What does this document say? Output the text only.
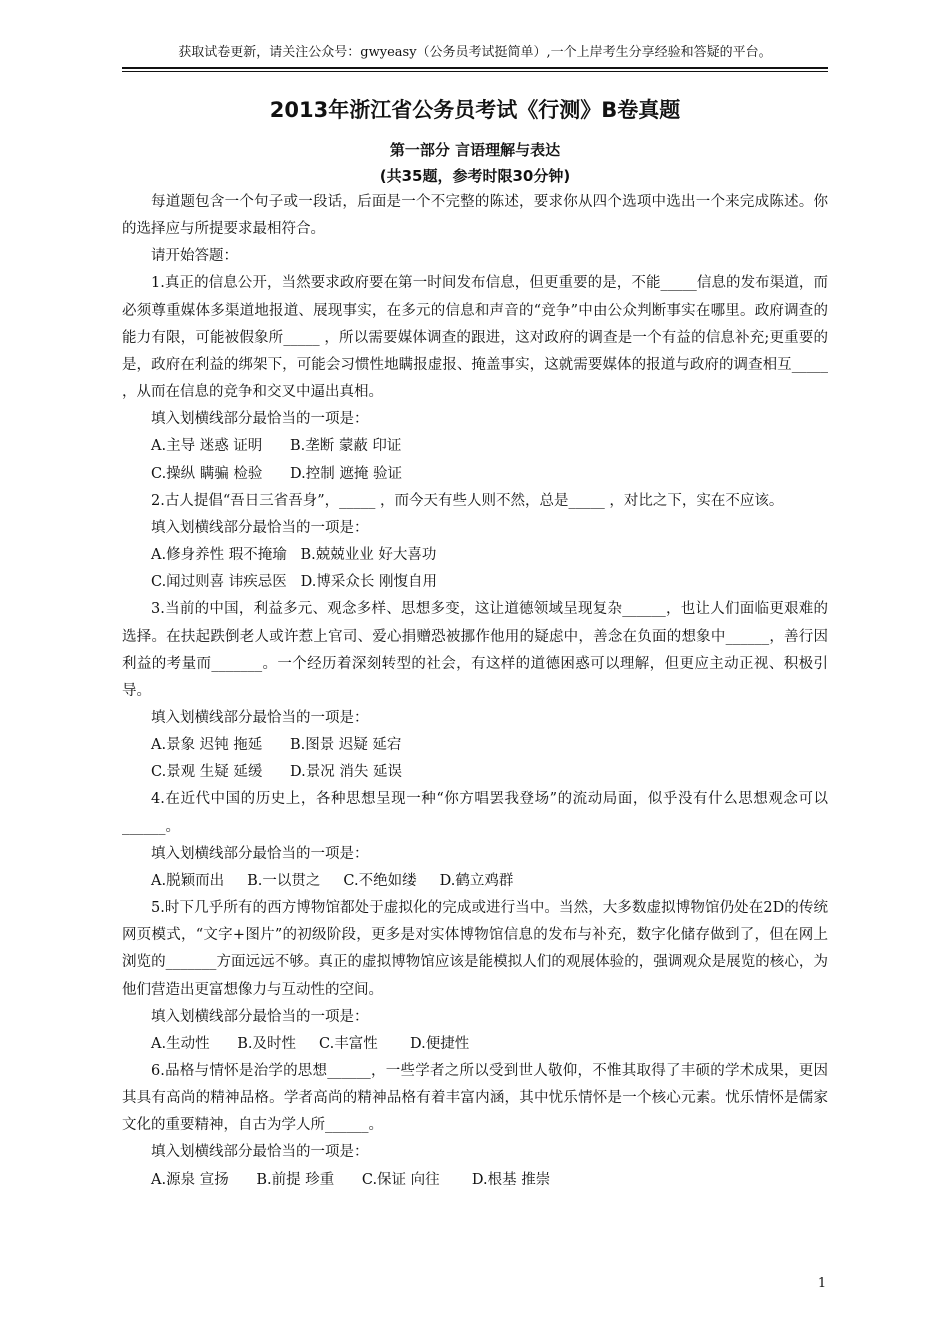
获取试卷更新，请关注公众号：gwyeasy（公务员考试挺简单）,一个上岸考生分享经验和答疑的平台。
2013年浙江省公务员考试《行测》B卷真题
第一部分 言语理解与表达
(共35题，参考时限30分钟)

每道题包含一个句子或一段话，后面是一个不完整的陈述，要求你从四个选项中选出一个来完成陈述。你的选择应与所提要求最相符合。

请开始答题：

1.真正的信息公开，当然要求政府要在第一时间发布信息，但更重要的是，不能_____信息的发布渠道，而必须尊重媒体多渠道地报道、展现事实，在多元的信息和声音的“竞争”中由公众判断事实在哪里。政府调查的能力有限，可能被假象所_____ ，所以需要媒体调查的跟进，这对政府的调查是一个有益的信息补充;更重要的是，政府在利益的绑架下，可能会习惯性地瞒报虚报、掩盖事实，这就需要媒体的报道与政府的调查相互_____ ，从而在信息的竞争和交叉中逼出真相。

填入划横线部分最恰当的一项是：

A.主导 迷惑 证明      B.垄断 蒙蔽 印证

C.操纵 瞒骗 检验      D.控制 遮掩 验证

2.古人提倡“吾日三省吾身”，_____ ，而今天有些人则不然，总是_____ ，对比之下，实在不应该。

填入划横线部分最恰当的一项是：

A.修身养性 瑕不掩瑜   B.兢兢业业 好大喜功

C.闻过则喜 讳疾忌医   D.博采众长 刚愎自用

3.当前的中国，利益多元、观念多样、思想多变，这让道德领域呈现复杂______，也让人们面临更艰难的选择。在扶起跌倒老人或许惹上官司、爱心捐赠恐被挪作他用的疑虑中，善念在负面的想象中______，善行因利益的考量而_______。一个经历着深刻转型的社会，有这样的道德困惑可以理解，但更应主动正视、积极引导。

填入划横线部分最恰当的一项是：

A.景象 迟钝 拖延      B.图景 迟疑 延宕

C.景观 生疑 延缓      D.景况 消失 延误

4.在近代中国的历史上，各种思想呈现一种“你方唱罢我登场”的流动局面，似乎没有什么思想观念可以______。

填入划横线部分最恰当的一项是：

A.脱颖而出     B.一以贯之     C.不绝如缕     D.鹤立鸡群

5.时下几乎所有的西方博物馆都处于虚拟化的完成或进行当中。当然，大多数虚拟博物馆仍处在2D的传统网页模式，“文字+图片”的初级阶段，更多是对实体博物馆信息的发布与补充，数字化储存做到了，但在网上浏览的_______方面远远不够。真正的虚拟博物馆应该是能模拟人们的观展体验的，强调观众是展览的核心，为他们营造出更富想像力与互动性的空间。

填入划横线部分最恰当的一项是：

A.生动性      B.及时性     C.丰富性       D.便捷性

6.品格与情怀是治学的思想______，一些学者之所以受到世人敬仰，不惟其取得了丰硕的学术成果，更因其具有高尚的精神品格。学者高尚的精神品格有着丰富内涵，其中忧乐情怀是一个核心元素。忧乐情怀是儒家文化的重要精神，自古为学人所______。

填入划横线部分最恰当的一项是：

A.源泉 宣扬      B.前提 珍重      C.保证 向往       D.根基 推崇

1
